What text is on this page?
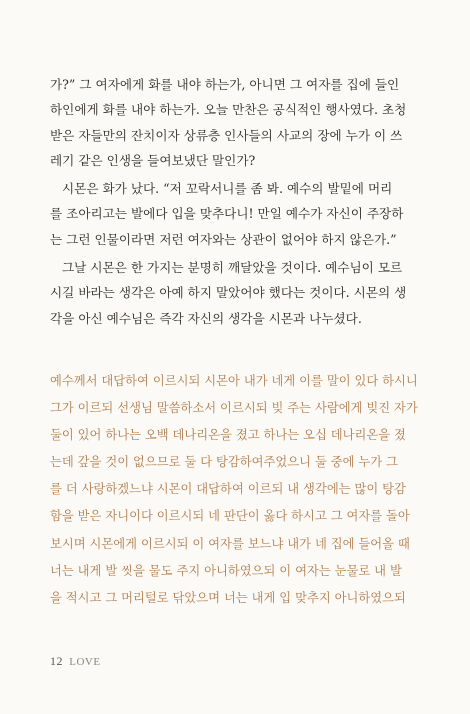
가?” 그 여자에게 화를 내야 하는가, 아니면 그 여자를 집에 들인
하인에게 화를 내야 하는가. 오늘 만찬은 공식적인 행사였다. 초청
받은 자들만의 잔치이자 상류층 인사들의 사교의 장에 누가 이 쓰
레기 같은 인생을 들여보냈단 말인가?

시몬은 화가 났다. “저 꼬락서니를 좀 봐. 예수의 발밑에 머리
를 조아리고는 발에다 입을 맞추다니! 만일 예수가 자신이 주장하
는 그런 인물이라면 저런 여자와는 상관이 없어야 하지 않은가.”

그날 시몬은 한 가지는 분명히 깨달았을 것이다. 예수님이 모르
시길 바라는 생각은 아예 하지 말았어야 했다는 것이다. 시몬의 생
각을 아신 예수님은 즉각 자신의 생각을 시몬과 나누셨다.

예수께서 대답하여 이르시되 시몬아 내가 네게 이를 말이 있다 하시니
그가 이르되 선생님 말씀하소서 이르시되 빚 주는 사람에게 빚진 자가
둘이 있어 하나는 오백 데나리온을 졌고 하나는 오십 데나리온을 졌
는데 갚을 것이 없으므로 둘 다 탕감하여주었으니 둘 중에 누가 그
를 더 사랑하겠느냐 시몬이 대답하여 이르되 내 생각에는 많이 탕감
함을 받은 자니이다 이르시되 네 판단이 옳다 하시고 그 여자를 돌아
보시며 시몬에게 이르시되 이 여자를 보느냐 내가 네 집에 들어올 때
너는 내게 발 씻을 물도 주지 아니하였으되 이 여자는 눈물로 내 발
을 적시고 그 머리털로 닦았으며 너는 내게 입 맞추지 아니하였으되
12 LOVE
